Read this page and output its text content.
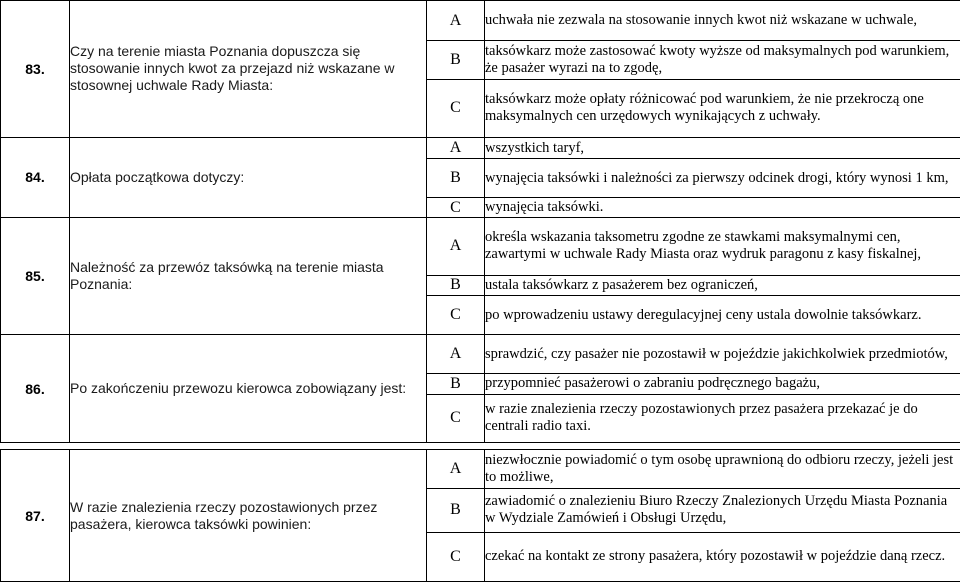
83.	Czy na terenie miasta Poznania dopuszcza się stosowanie innych kwot za przejazd niż wskazane w stosownej uchwale Rady Miasta:	A	uchwała nie zezwala na stosowanie innych kwot niż wskazane w uchwale,
		B	taksówkarz może zastosować kwoty wyższe od maksymalnych pod warunkiem, że pasażer wyrazi na to zgodę,
		C	taksówkarz może opłaty różnicować pod warunkiem, że nie przekroczą one maksymalnych cen urzędowych wynikających z uchwały.
84.	Opłata początkowa dotyczy:	A	wszystkich taryf,
		B	wynajęcia taksówki i należności za pierwszy odcinek drogi, który wynosi 1 km,
		C	wynajęcia taksówki.
85.	Należność za przewóz taksówką na terenie miasta Poznania:	A	określa wskazania taksometru zgodne ze stawkami maksymalnymi cen, zawartymi w uchwale Rady Miasta oraz wydruk paragonu z kasy fiskalnej,
		B	ustala taksówkarz z pasażerem bez ograniczeń,
		C	po wprowadzeniu ustawy deregulacyjnej ceny ustala dowolnie taksówkarz.
86.	Po zakończeniu przewozu kierowca zobowiązany jest:	A	sprawdzić, czy pasażer nie pozostawił w pojeździe jakichkolwiek przedmiotów,
		B	przypomnieć pasażerowi o zabraniu podręcznego bagażu,
		C	w razie znalezienia rzeczy pozostawionych przez pasażera przekazać je do centrali radio taxi.

87.	W razie znalezienia rzeczy pozostawionych przez pasażera, kierowca taksówki powinien:	A	niezwłocznie powiadomić o tym osobę uprawnioną do odbioru rzeczy, jeżeli jest to możliwe,
		B	zawiadomić o znalezieniu Biuro Rzeczy Znalezionych Urzędu Miasta Poznania w Wydziale Zamówień i Obsługi Urzędu,
		C	czekać na kontakt ze strony pasażera, który pozostawił w pojeździe daną rzecz.
